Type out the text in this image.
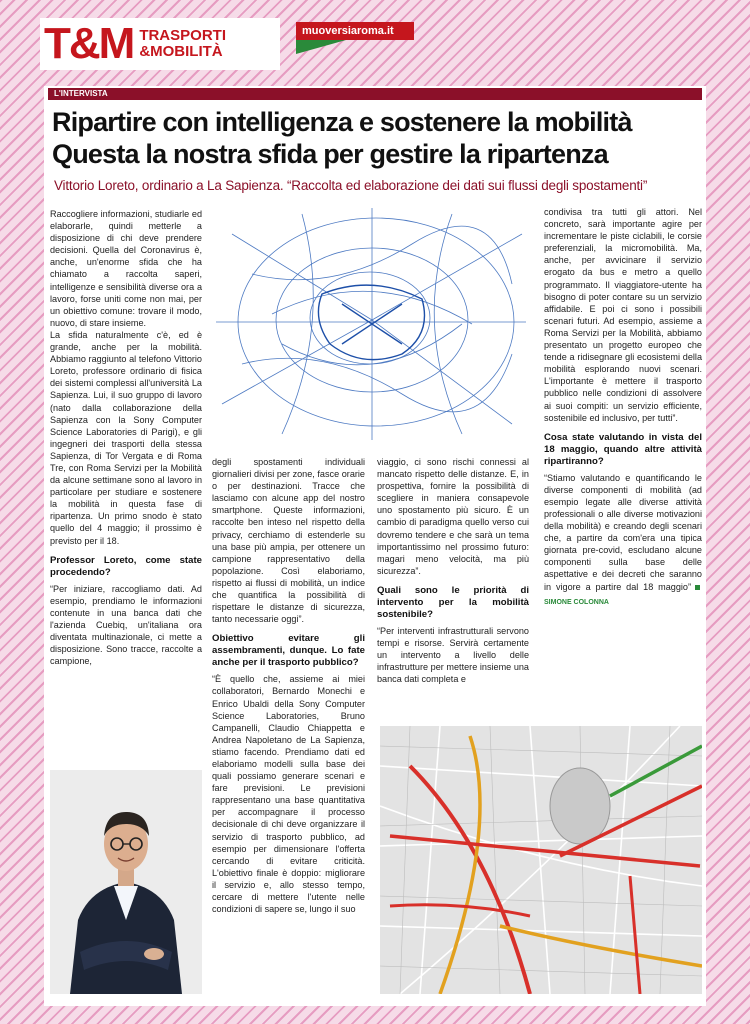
T&M TRASPORTI
&MOBILITÀ
muoversiaroma.it
L'INTERVISTA
Ripartire con intelligenza e sostenere la mobilità
Questa la nostra sfida per gestire la ripartenza
Vittorio Loreto, ordinario a La Sapienza. “Raccolta ed elaborazione dei dati sui flussi degli spostamenti”

Raccogliere informazioni, studiarle ed elaborarle, quindi metterle a disposizione di chi deve prendere decisioni. Quella del Coronavirus è, anche, un'enorme sfida che ha chiamato a raccolta saperi, intelligenze e sensibilità diverse ora a lavoro, forse uniti come non mai, per un obiettivo comune: trovare il modo, nuovo, di stare insieme.

La sfida naturalmente c'è, ed è grande, anche per la mobilità. Abbiamo raggiunto al telefono Vittorio Loreto, professore ordinario di fisica dei sistemi complessi all'università La Sapienza. Lui, il suo gruppo di lavoro (nato dalla collaborazione della Sapienza con la Sony Computer Science Laboratories di Parigi), e gli ingegneri dei trasporti della stessa Sapienza, di Tor Vergata e di Roma Tre, con Roma Servizi per la Mobilità da alcune settimane sono al lavoro in particolare per studiare e sostenere la mobilità in questa fase di ripartenza. Un primo snodo è stato quello del 4 maggio; il prossimo è previsto per il 18.

Professor Loreto, come state procedendo?

“Per iniziare, raccogliamo dati. Ad esempio, prendiamo le informazioni contenute in una banca dati che l'azienda Cuebiq, un'italiana ora diventata multinazionale, ci mette a disposizione. Sono tracce, raccolte a campione,

degli spostamenti individuali giornalieri divisi per zone, fasce orarie o per destinazioni. Tracce che lasciamo con alcune app del nostro smartphone. Queste informazioni, raccolte ben inteso nel rispetto della privacy, cerchiamo di estenderle su una base più ampia, per ottenere un campione rappresentativo della popolazione. Così elaboriamo, rispetto ai flussi di mobilità, un indice che quantifica la possibilità di rispettare le distanze di sicurezza, tanto necessarie oggi”.

Obiettivo evitare gli assembramenti, dunque. Lo fate anche per il trasporto pubblico?

“È quello che, assieme ai miei collaboratori, Bernardo Monechi e Enrico Ubaldi della Sony Computer Science Laboratories, Bruno Campanelli, Claudio Chiappetta e Andrea Napoletano de La Sapienza, stiamo facendo. Prendiamo dati ed elaboriamo modelli sulla base dei quali possiamo generare scenari e fare previsioni. Le previsioni rappresentano una base quantitativa per accompagnare il processo decisionale di chi deve organizzare il servizio di trasporto pubblico, ad esempio per dimensionare l'offerta cercando di evitare criticità. L'obiettivo finale è doppio: migliorare il servizio e, allo stesso tempo, cercare di mettere l'utente nelle condizioni di sapere se, lungo il suo

viaggio, ci sono rischi connessi al mancato rispetto delle distanze. E, in prospettiva, fornire la possibilità di scegliere in maniera consapevole uno spostamento più sicuro. È un cambio di paradigma quello verso cui dovremo tendere e che sarà un tema importantissimo nel prossimo futuro: magari meno velocità, ma più sicurezza”.

Quali sono le priorità di intervento per la mobilità sostenibile?

“Per interventi infrastrutturali servono tempi e risorse. Servirà certamente un intervento a livello delle infrastrutture per mettere insieme una banca dati completa e

condivisa tra tutti gli attori. Nel concreto, sarà importante agire per incrementare le piste ciclabili, le corsie preferenziali, la micromobilità. Ma, anche, per avvicinare il servizio erogato da bus e metro a quello programmato. Il viaggiatore-utente ha bisogno di poter contare su un servizio affidabile. E poi ci sono i possibili scenari futuri. Ad esempio, assieme a Roma Servizi per la Mobilità, abbiamo presentato un progetto europeo che tende a ridisegnare gli ecosistemi della mobilità esplorando nuovi scenari. L'importante è mettere il trasporto pubblico nelle condizioni di assolvere ai suoi compiti: un servizio efficiente, sostenibile ed inclusivo, per tutti”.

Cosa state valutando in vista del 18 maggio, quando altre attività ripartiranno?

“Stiamo valutando e quantificando le diverse componenti di mobilità (ad esempio legate alle diverse attività professionali o alle diverse motivazioni della mobilità) e creando degli scenari che, a partire da com'era una tipica giornata pre-covid, escludano alcune componenti sulla base delle aspettative e dei decreti che saranno in vigore a partire dal 18 maggio”SIMONE COLONNA
